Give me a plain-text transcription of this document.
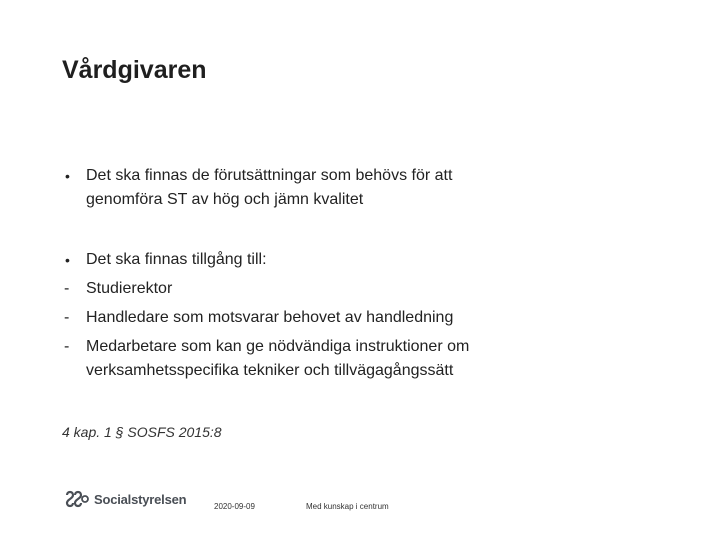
Vårdgivaren
•	Det ska finnas de förutsättningar som behövs för att
genomföra ST av hög och jämn kvalitet
•	Det ska finnas tillgång till:
-	Studierektor
-	Handledare som motsvarar behovet av handledning
-	Medarbetare som kan ge nödvändiga instruktioner om
verksamhetsspecifika tekniker och tillvägagångssätt
4 kap. 1 § SOSFS 2015:8
Socialstyrelsen	2020-09-09	Med kunskap i centrum
